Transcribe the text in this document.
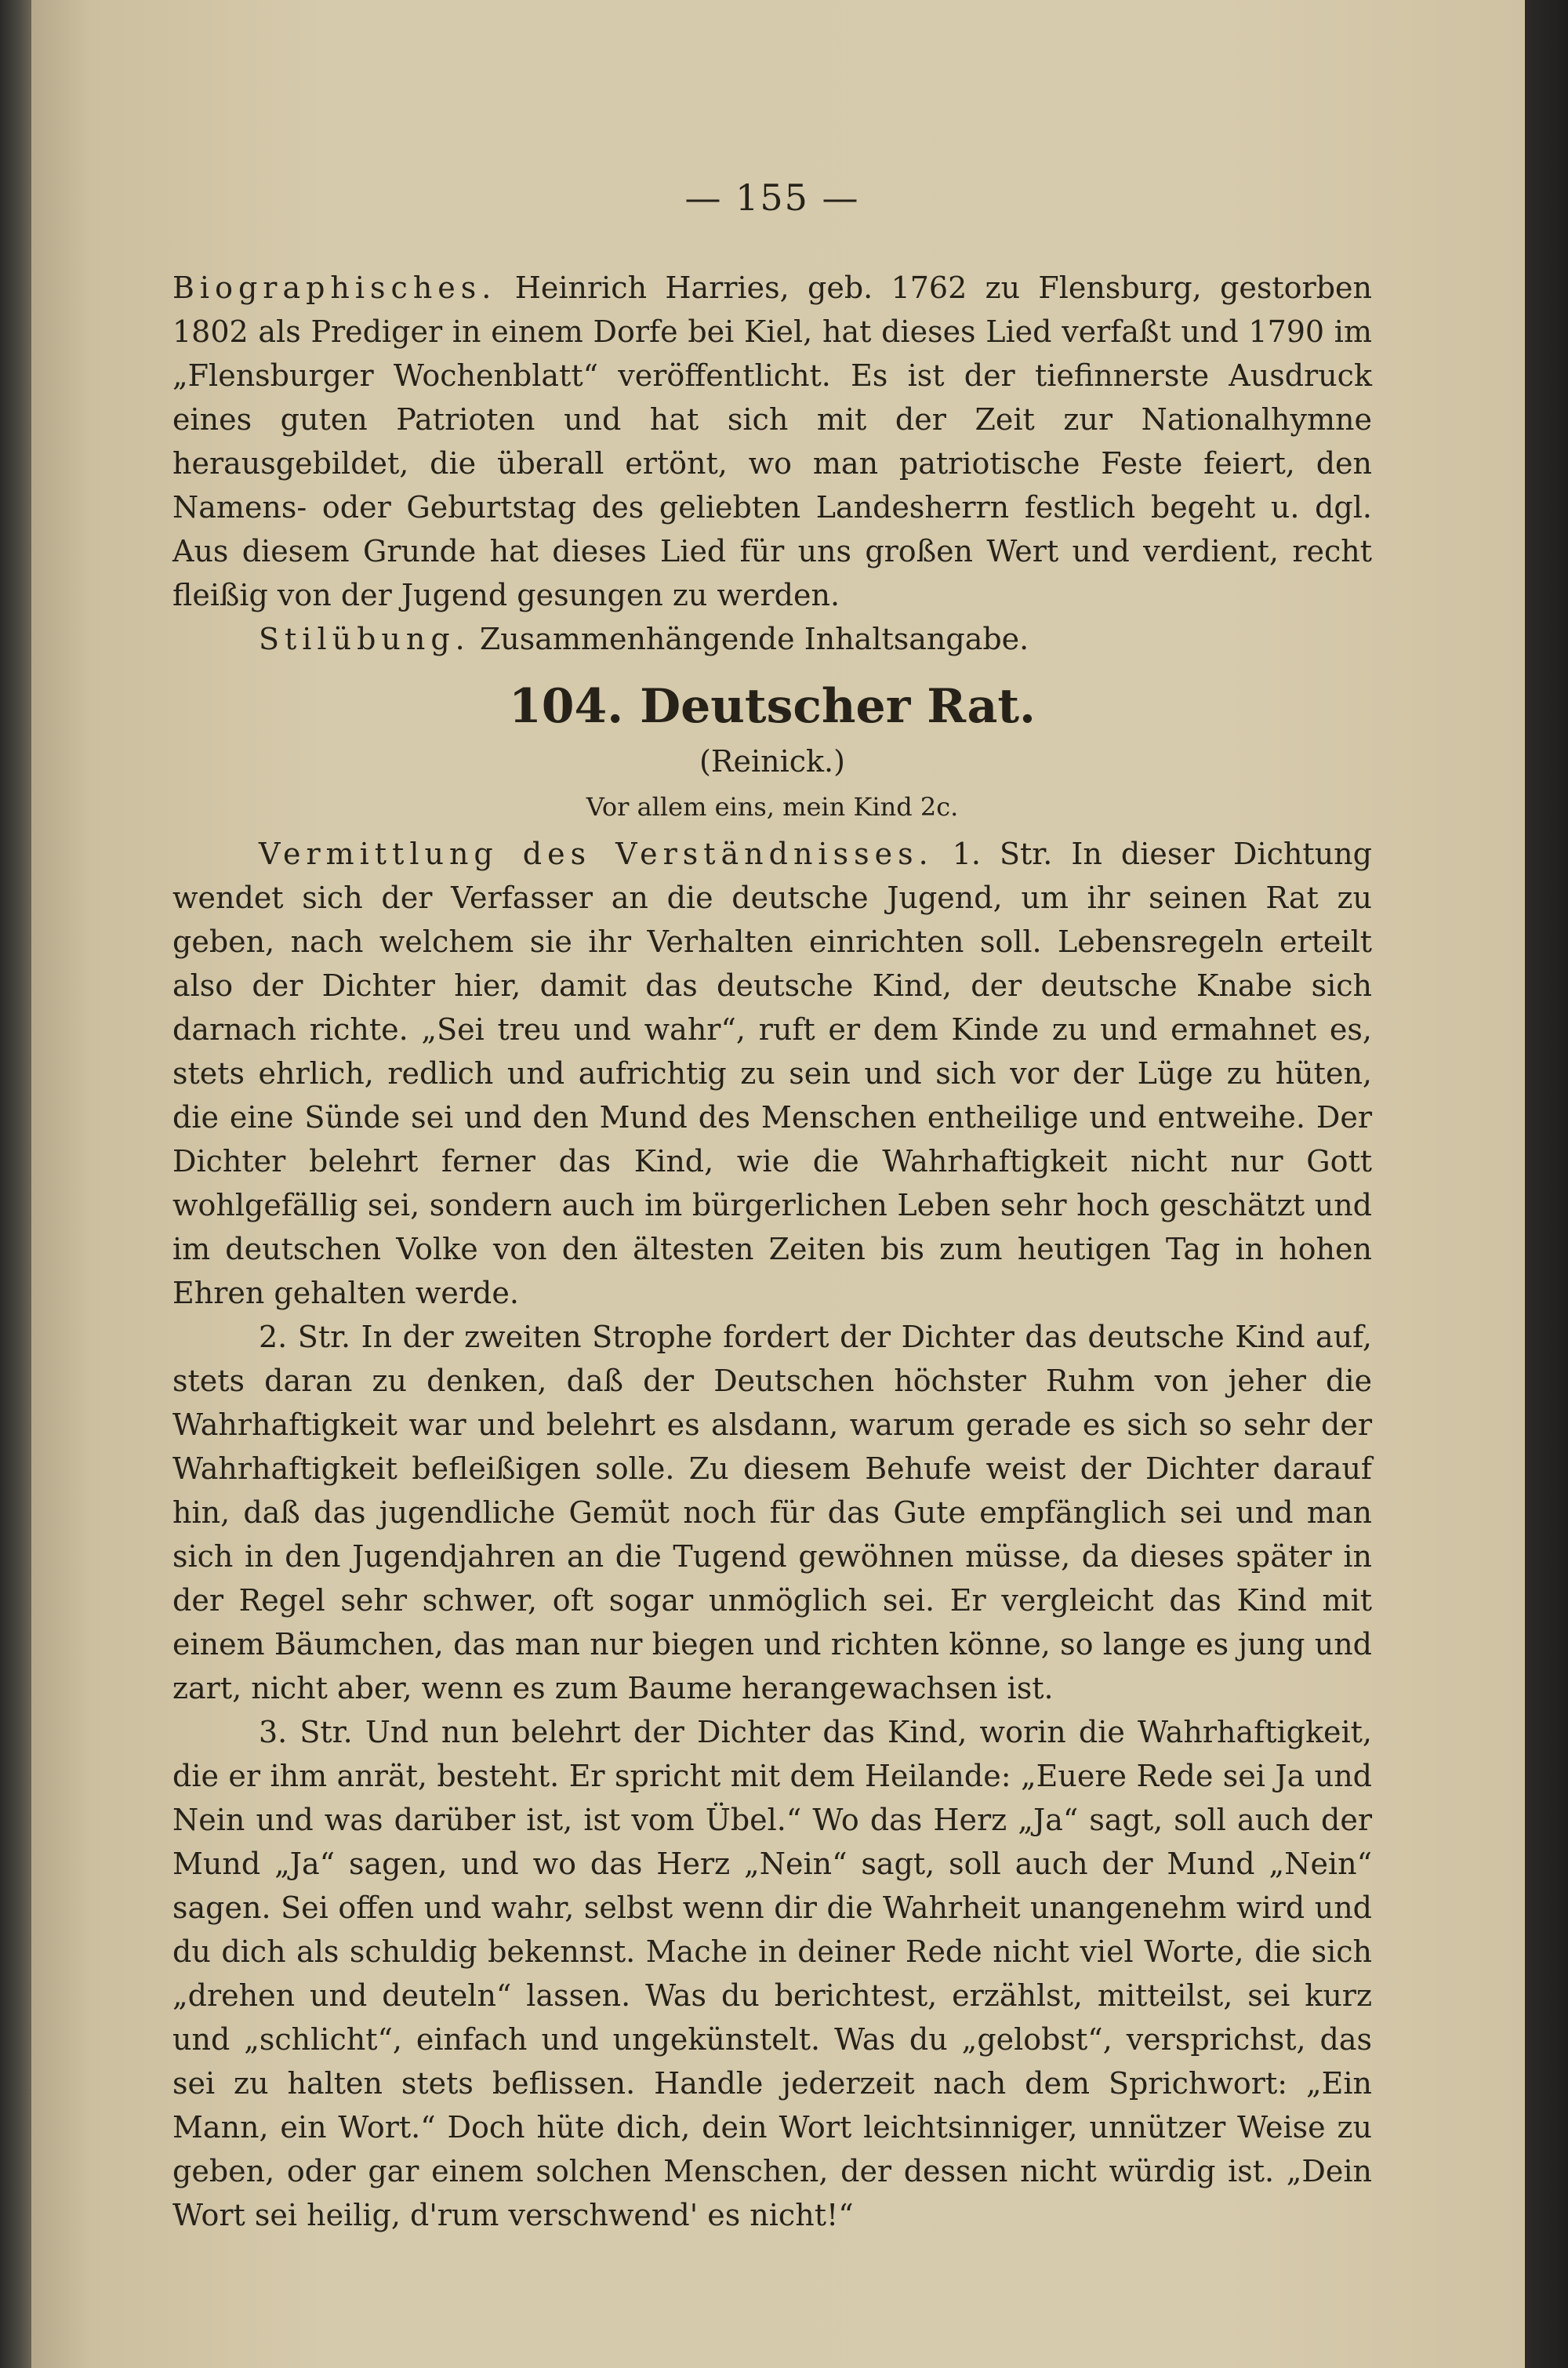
— 155 —

Biographisches. Heinrich Harries, geb. 1762 zu Flensburg, gestorben 1802 als Prediger in einem Dorfe bei Kiel, hat dieses Lied verfaßt und 1790 im „Flensburger Wochenblatt“ veröffentlicht. Es ist der tiefinnerste Ausdruck eines guten Patrioten und hat sich mit der Zeit zur Nationalhymne herausgebildet, die überall ertönt, wo man patriotische Feste feiert, den Namens- oder Geburtstag des geliebten Landesherrn festlich begeht u. dgl. Aus diesem Grunde hat dieses Lied für uns großen Wert und verdient, recht fleißig von der Jugend gesungen zu werden.

Stilübung. Zusammenhängende Inhaltsangabe.

104. Deutscher Rat.
(Reinick.)
Vor allem eins, mein Kind 2c.

Vermittlung des Verständnisses. 1. Str. In dieser Dichtung wendet sich der Verfasser an die deutsche Jugend, um ihr seinen Rat zu geben, nach welchem sie ihr Verhalten einrichten soll. Lebensregeln erteilt also der Dichter hier, damit das deutsche Kind, der deutsche Knabe sich darnach richte. „Sei treu und wahr“, ruft er dem Kinde zu und ermahnet es, stets ehrlich, redlich und aufrichtig zu sein und sich vor der Lüge zu hüten, die eine Sünde sei und den Mund des Menschen entheilige und entweihe. Der Dichter belehrt ferner das Kind, wie die Wahrhaftigkeit nicht nur Gott wohlgefällig sei, sondern auch im bürgerlichen Leben sehr hoch geschätzt und im deutschen Volke von den ältesten Zeiten bis zum heutigen Tag in hohen Ehren gehalten werde.

2. Str. In der zweiten Strophe fordert der Dichter das deutsche Kind auf, stets daran zu denken, daß der Deutschen höchster Ruhm von jeher die Wahrhaftigkeit war und belehrt es alsdann, warum gerade es sich so sehr der Wahrhaftigkeit befleißigen solle. Zu diesem Behufe weist der Dichter darauf hin, daß das jugendliche Gemüt noch für das Gute empfänglich sei und man sich in den Jugendjahren an die Tugend gewöhnen müsse, da dieses später in der Regel sehr schwer, oft sogar unmöglich sei. Er vergleicht das Kind mit einem Bäumchen, das man nur biegen und richten könne, so lange es jung und zart, nicht aber, wenn es zum Baume herangewachsen ist.

3. Str. Und nun belehrt der Dichter das Kind, worin die Wahrhaftigkeit, die er ihm anrät, besteht. Er spricht mit dem Heilande: „Euere Rede sei Ja und Nein und was darüber ist, ist vom Übel.“ Wo das Herz „Ja“ sagt, soll auch der Mund „Ja“ sagen, und wo das Herz „Nein“ sagt, soll auch der Mund „Nein“ sagen. Sei offen und wahr, selbst wenn dir die Wahrheit unangenehm wird und du dich als schuldig bekennst. Mache in deiner Rede nicht viel Worte, die sich „drehen und deuteln“ lassen. Was du berichtest, erzählst, mitteilst, sei kurz und „schlicht“, einfach und ungekünstelt. Was du „gelobst“, versprichst, das sei zu halten stets beflissen. Handle jederzeit nach dem Sprichwort: „Ein Mann, ein Wort.“ Doch hüte dich, dein Wort leichtsinniger, unnützer Weise zu geben, oder gar einem solchen Menschen, der dessen nicht würdig ist. „Dein Wort sei heilig, d'rum verschwend' es nicht!“
